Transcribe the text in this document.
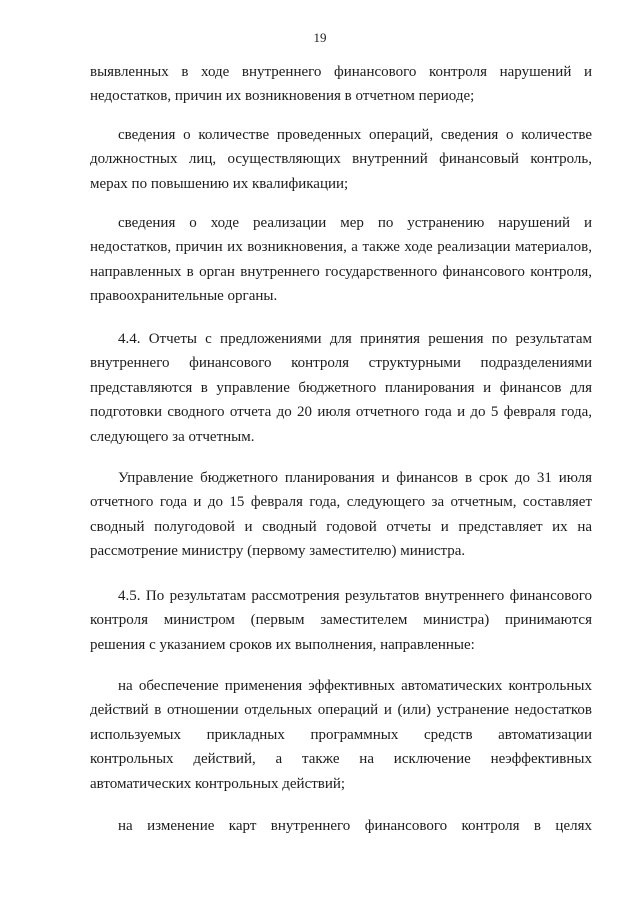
19
выявленных в ходе внутреннего финансового контроля нарушений и
недостатков, причин их возникновения в отчетном периоде;
сведения о количестве проведенных операций, сведения о количестве
должностных лиц, осуществляющих внутренний финансовый контроль,
мерах по повышению их квалификации;
сведения о ходе реализации мер по устранению нарушений и
недостатков, причин их возникновения, а также ходе реализации материалов,
направленных в орган внутреннего государственного финансового контроля,
правоохранительные органы.
4.4. Отчеты с предложениями для принятия решения по результатам
внутреннего финансового контроля структурными подразделениями
представляются в управление бюджетного планирования и финансов для
подготовки сводного отчета до 20 июля отчетного года и до 5 февраля года,
следующего за отчетным.
Управление бюджетного планирования и финансов в срок до 31 июля
отчетного года и до 15 февраля года, следующего за отчетным, составляет
сводный полугодовой и сводный годовой отчеты и представляет их на
рассмотрение министру (первому заместителю) министра.
4.5. По результатам рассмотрения результатов внутреннего финансового
контроля министром (первым заместителем министра) принимаются
решения с указанием сроков их выполнения, направленные:
на обеспечение применения эффективных автоматических контрольных
действий в отношении отдельных операций и (или) устранение недостатков
используемых прикладных программных средств автоматизации
контрольных действий, а также на исключение неэффективных
автоматических контрольных действий;
на изменение карт внутреннего финансового контроля в целях
